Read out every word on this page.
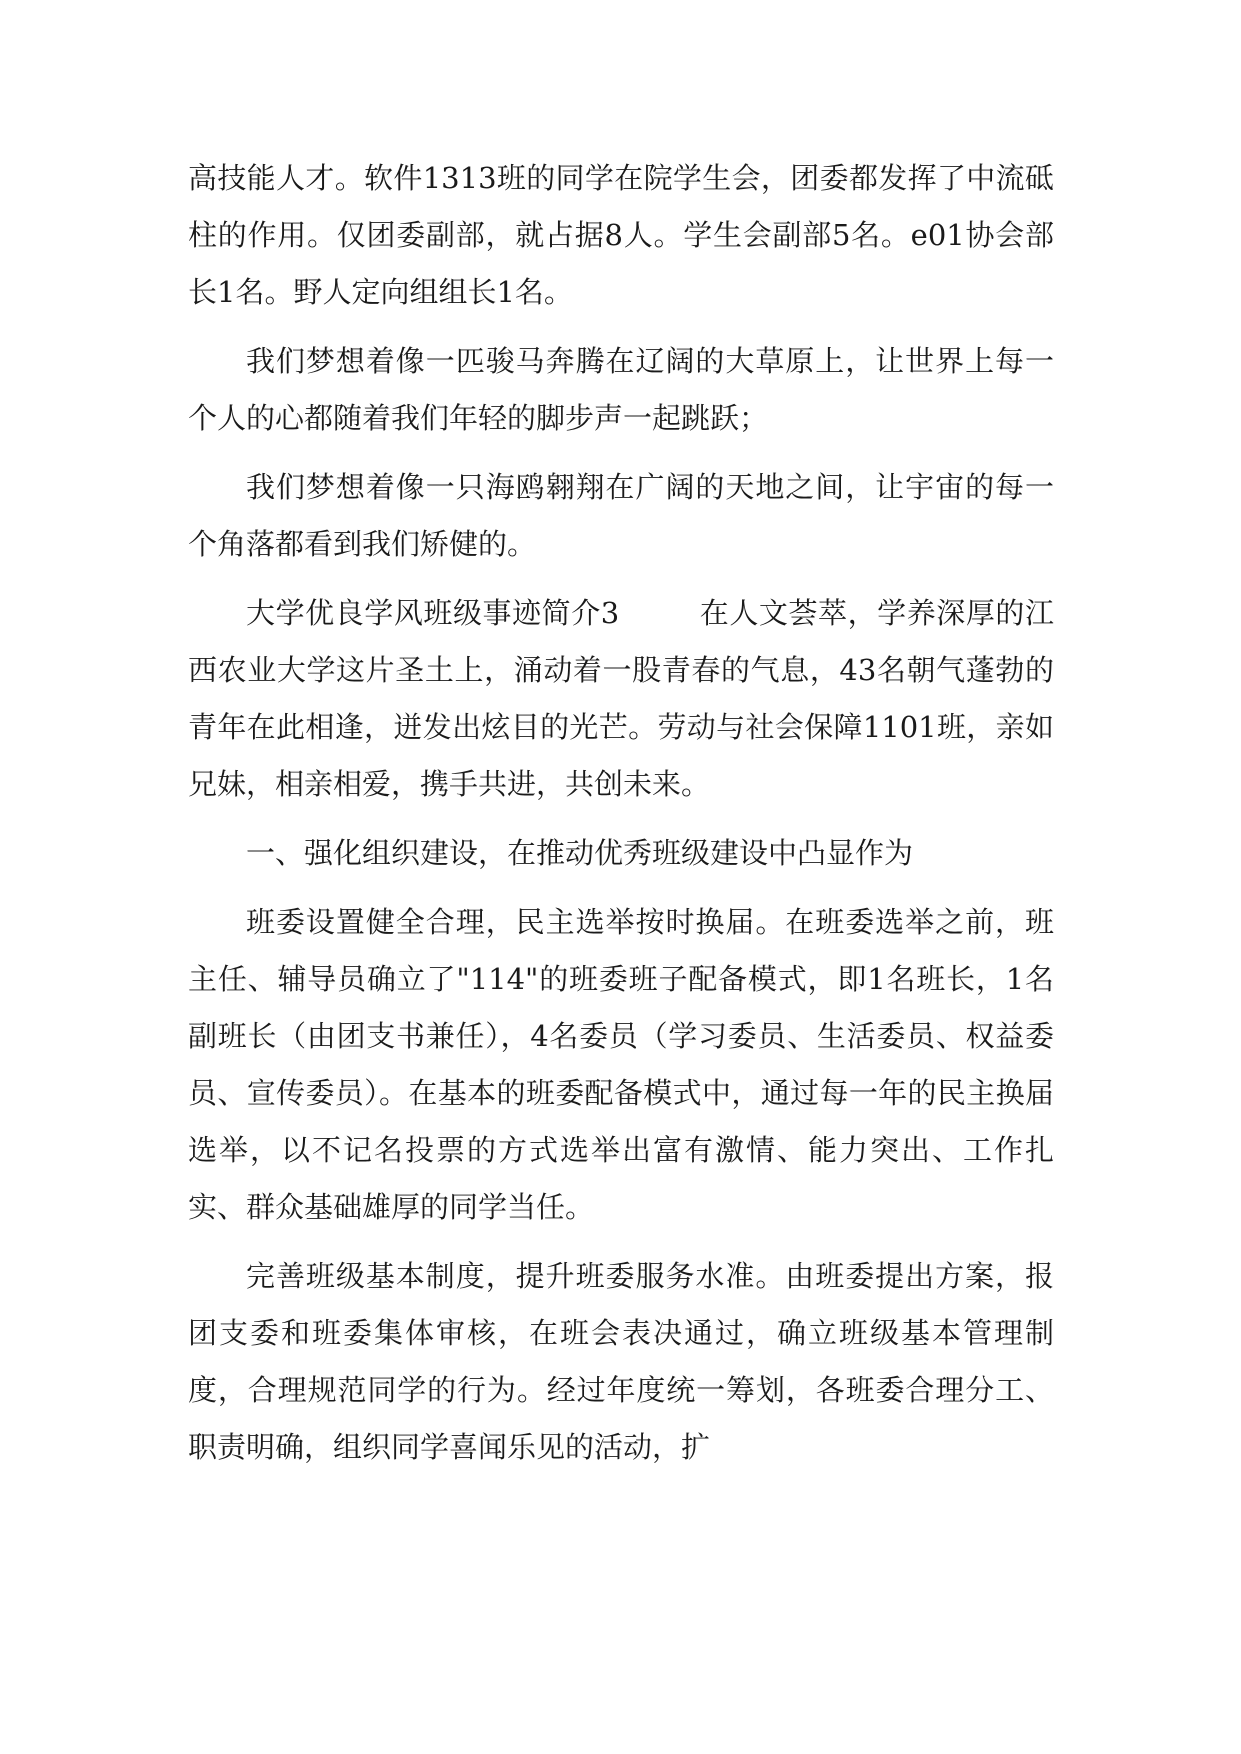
高技能人才。软件1313班的同学在院学生会，团委都发挥了中流砥柱的作用。仅团委副部，就占据8人。学生会副部5名。e01协会部长1名。野人定向组组长1名。

我们梦想着像一匹骏马奔腾在辽阔的大草原上，让世界上每一个人的心都随着我们年轻的脚步声一起跳跃；

我们梦想着像一只海鸥翱翔在广阔的天地之间，让宇宙的每一个角落都看到我们矫健的。

大学优良学风班级事迹简介3	在人文荟萃，学养深厚的江西农业大学这片圣土上，涌动着一股青春的气息，43名朝气蓬勃的青年在此相逢，迸发出炫目的光芒。劳动与社会保障1101班，亲如兄妹，相亲相爱，携手共进，共创未来。

一、强化组织建设，在推动优秀班级建设中凸显作为

班委设置健全合理，民主选举按时换届。在班委选举之前，班主任、辅导员确立了"114"的班委班子配备模式，即1名班长，1名副班长（由团支书兼任），4名委员（学习委员、生活委员、权益委员、宣传委员）。在基本的班委配备模式中，通过每一年的民主换届选举，以不记名投票的方式选举出富有激情、能力突出、工作扎实、群众基础雄厚的同学当任。

完善班级基本制度，提升班委服务水准。由班委提出方案，报团支委和班委集体审核，在班会表决通过，确立班级基本管理制度，合理规范同学的行为。经过年度统一筹划，各班委合理分工、职责明确，组织同学喜闻乐见的活动，扩
